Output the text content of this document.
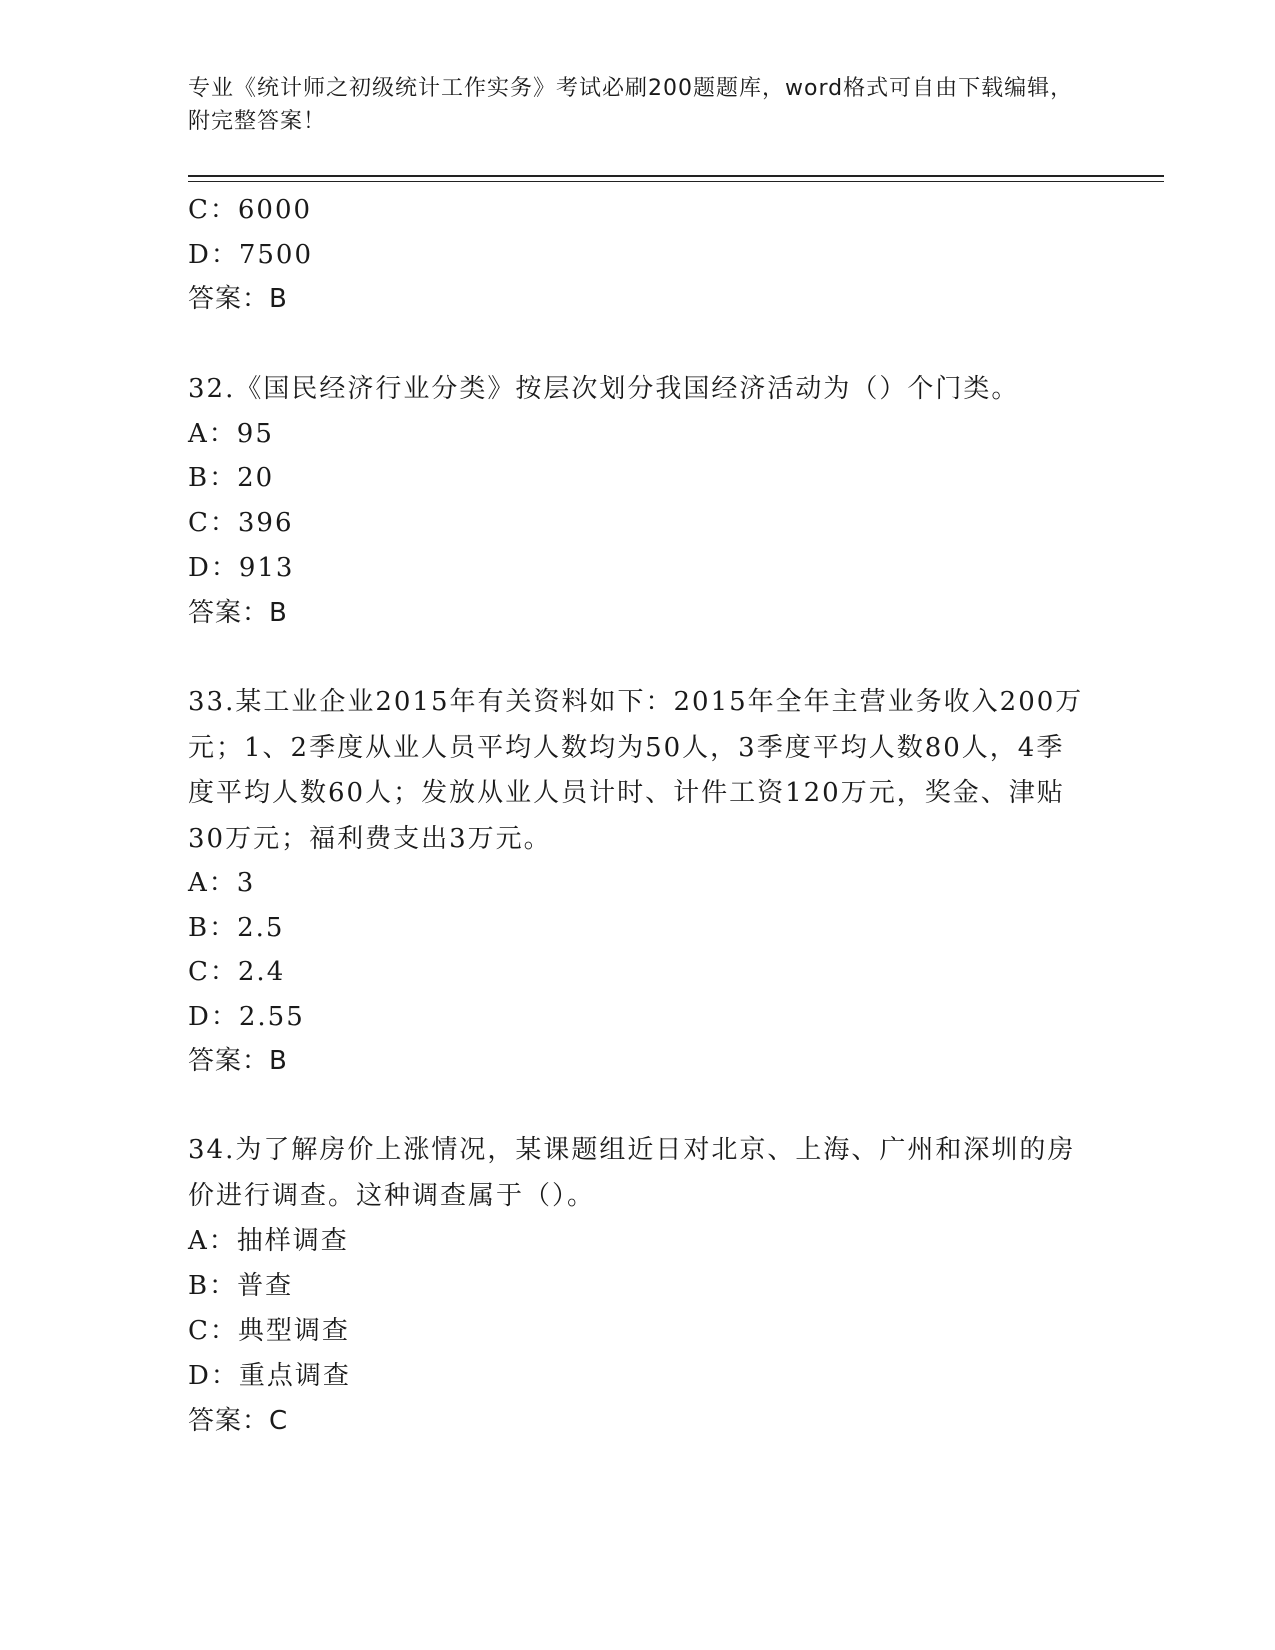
专业《统计师之初级统计工作实务》考试必刷200题题库，word格式可自由下载编辑，附完整答案！
C：6000
D：7500
答案：B
32.《国民经济行业分类》按层次划分我国经济活动为（）个门类。
A：95
B：20
C：396
D：913
答案：B
33.某工业企业2015年有关资料如下：2015年全年主营业务收入200万元；1、2季度从业人员平均人数均为50人，3季度平均人数80人，4季度平均人数60人；发放从业人员计时、计件工资120万元，奖金、津贴30万元；福利费支出3万元。
A：3
B：2.5
C：2.4
D：2.55
答案：B
34.为了解房价上涨情况，某课题组近日对北京、上海、广州和深圳的房价进行调查。这种调查属于（）。
A：抽样调查
B：普查
C：典型调查
D：重点调查
答案：C
